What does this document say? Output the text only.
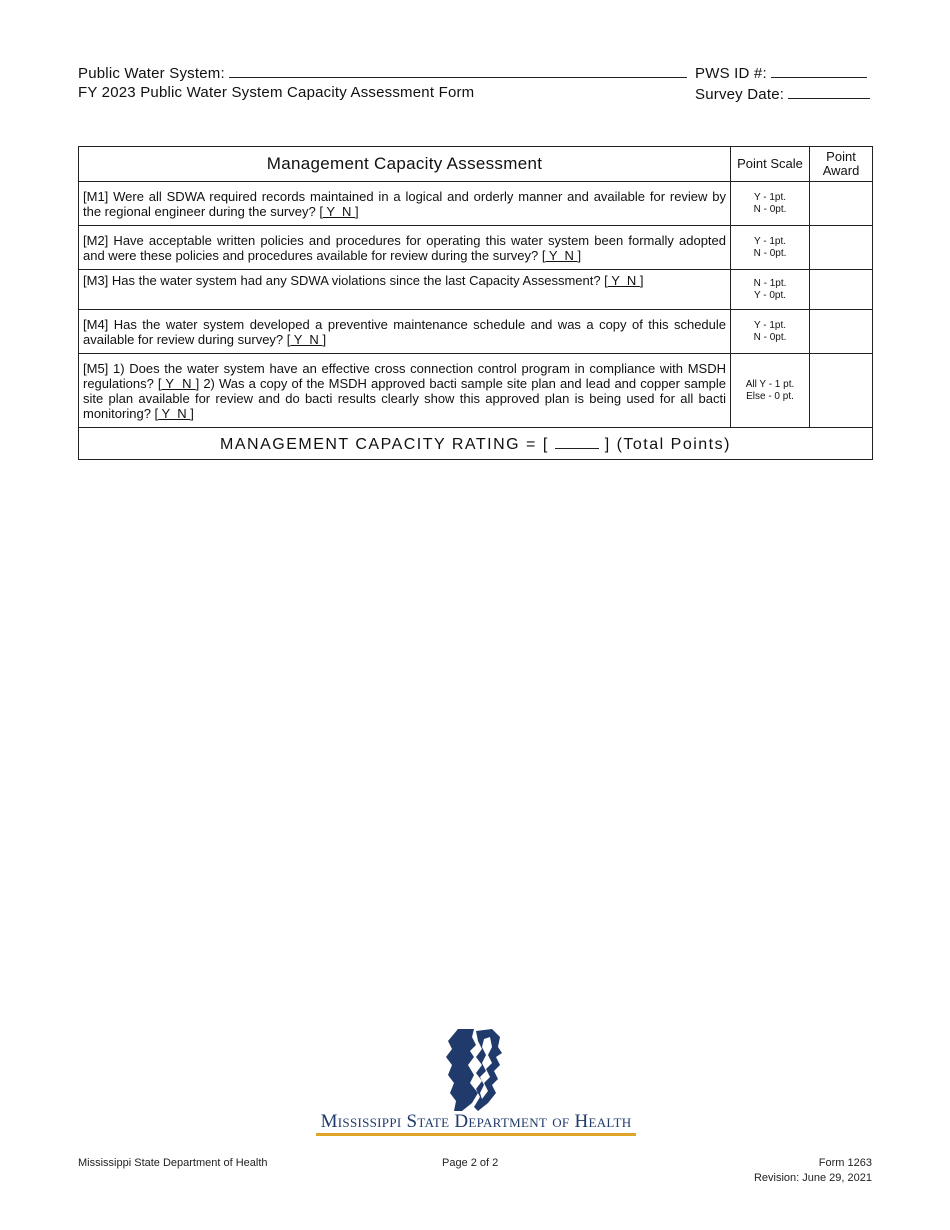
Public Water System:
FY 2023 Public Water System Capacity Assessment Form
PWS ID #:
Survey Date:
Management Capacity Assessment	Point Scale	Point Award
[M1] Were all SDWA required records maintained in a logical and orderly manner and available for review by the regional engineer during the survey? [ Y  N ]	Y - 1pt.
N - 0pt.	

[M2] Have acceptable written policies and procedures for operating this water system been formally adopted and were these policies and procedures available for review during the survey? [ Y  N ]	Y - 1pt.
N - 0pt.	

[M3] Has the water system had any SDWA violations since the last Capacity Assessment? [ Y  N ]	N - 1pt.
Y - 0pt.	

[M4] Has the water system developed a preventive maintenance schedule and was a copy of this schedule available for review during survey? [ Y  N ]	Y - 1pt.
N - 0pt.	

[M5] 1) Does the water system have an effective cross connection control program in compliance with MSDH regulations? [ Y  N ] 2) Was a copy of the MSDH approved bacti sample site plan and lead and copper sample site plan available for review and do bacti results clearly show this approved plan is being used for all bacti monitoring? [ Y  N ]	All Y - 1 pt.
Else - 0 pt.	

MANAGEMENT CAPACITY RATING = [ ] (Total Points)		
Mississippi State Department of Health
Mississippi State Department of Health	Page 2 of 2	Form 1263
Revision: June 29, 2021
